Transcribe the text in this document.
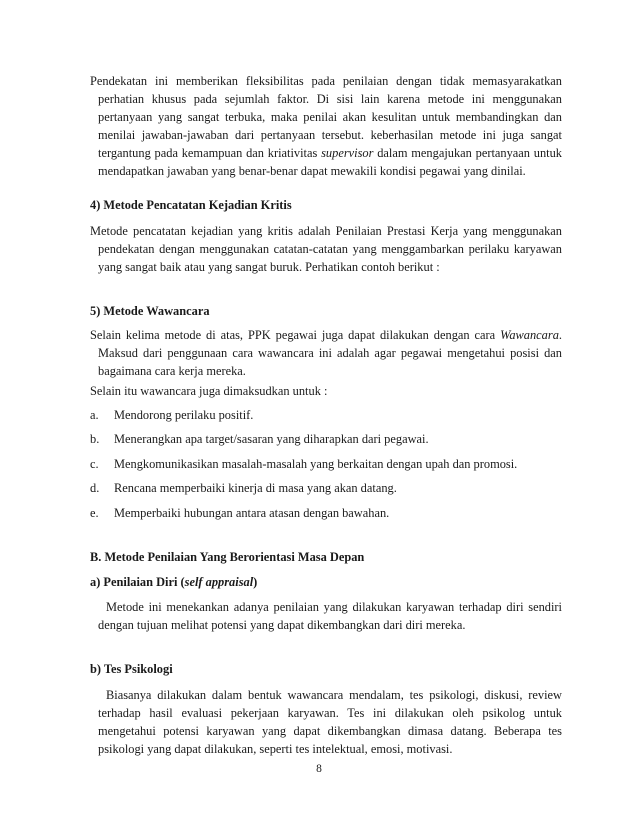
Pendekatan ini memberikan fleksibilitas pada penilaian dengan tidak memasyarakatkan perhatian khusus pada sejumlah faktor. Di sisi lain karena metode ini menggunakan pertanyaan yang sangat terbuka, maka penilai akan kesulitan untuk membandingkan dan menilai jawaban-jawaban dari pertanyaan tersebut. keberhasilan metode ini juga sangat tergantung pada kemampuan dan kriativitas supervisor dalam mengajukan pertanyaan untuk mendapatkan jawaban yang benar-benar dapat mewakili kondisi pegawai yang dinilai.

4) Metode Pencatatan Kejadian Kritis

Metode pencatatan kejadian yang kritis adalah Penilaian Prestasi Kerja yang menggunakan pendekatan dengan menggunakan catatan-catatan yang menggambarkan perilaku karyawan yang sangat baik atau yang sangat buruk. Perhatikan contoh berikut :

5) Metode Wawancara

Selain kelima metode di atas, PPK pegawai juga dapat dilakukan dengan cara Wawancara. Maksud dari penggunaan cara wawancara ini adalah agar pegawai mengetahui posisi dan bagaimana cara kerja mereka.

Selain itu wawancara juga dimaksudkan untuk :

a. Mendorong perilaku positif.

b. Menerangkan apa target/sasaran yang diharapkan dari pegawai.

c. Mengkomunikasikan masalah-masalah yang berkaitan dengan upah dan promosi.

d. Rencana memperbaiki kinerja di masa yang akan datang.

e. Memperbaiki hubungan antara atasan dengan bawahan.

B. Metode Penilaian Yang Berorientasi Masa Depan

a) Penilaian Diri (self appraisal)

Metode ini menekankan adanya penilaian yang dilakukan karyawan terhadap diri sendiri dengan tujuan melihat potensi yang dapat dikembangkan dari diri mereka.

b) Tes Psikologi

Biasanya dilakukan dalam bentuk wawancara mendalam, tes psikologi, diskusi, review terhadap hasil evaluasi pekerjaan karyawan. Tes ini dilakukan oleh psikolog untuk mengetahui potensi karyawan yang dapat dikembangkan dimasa datang. Beberapa tes psikologi yang dapat dilakukan, seperti tes intelektual, emosi, motivasi.

8
